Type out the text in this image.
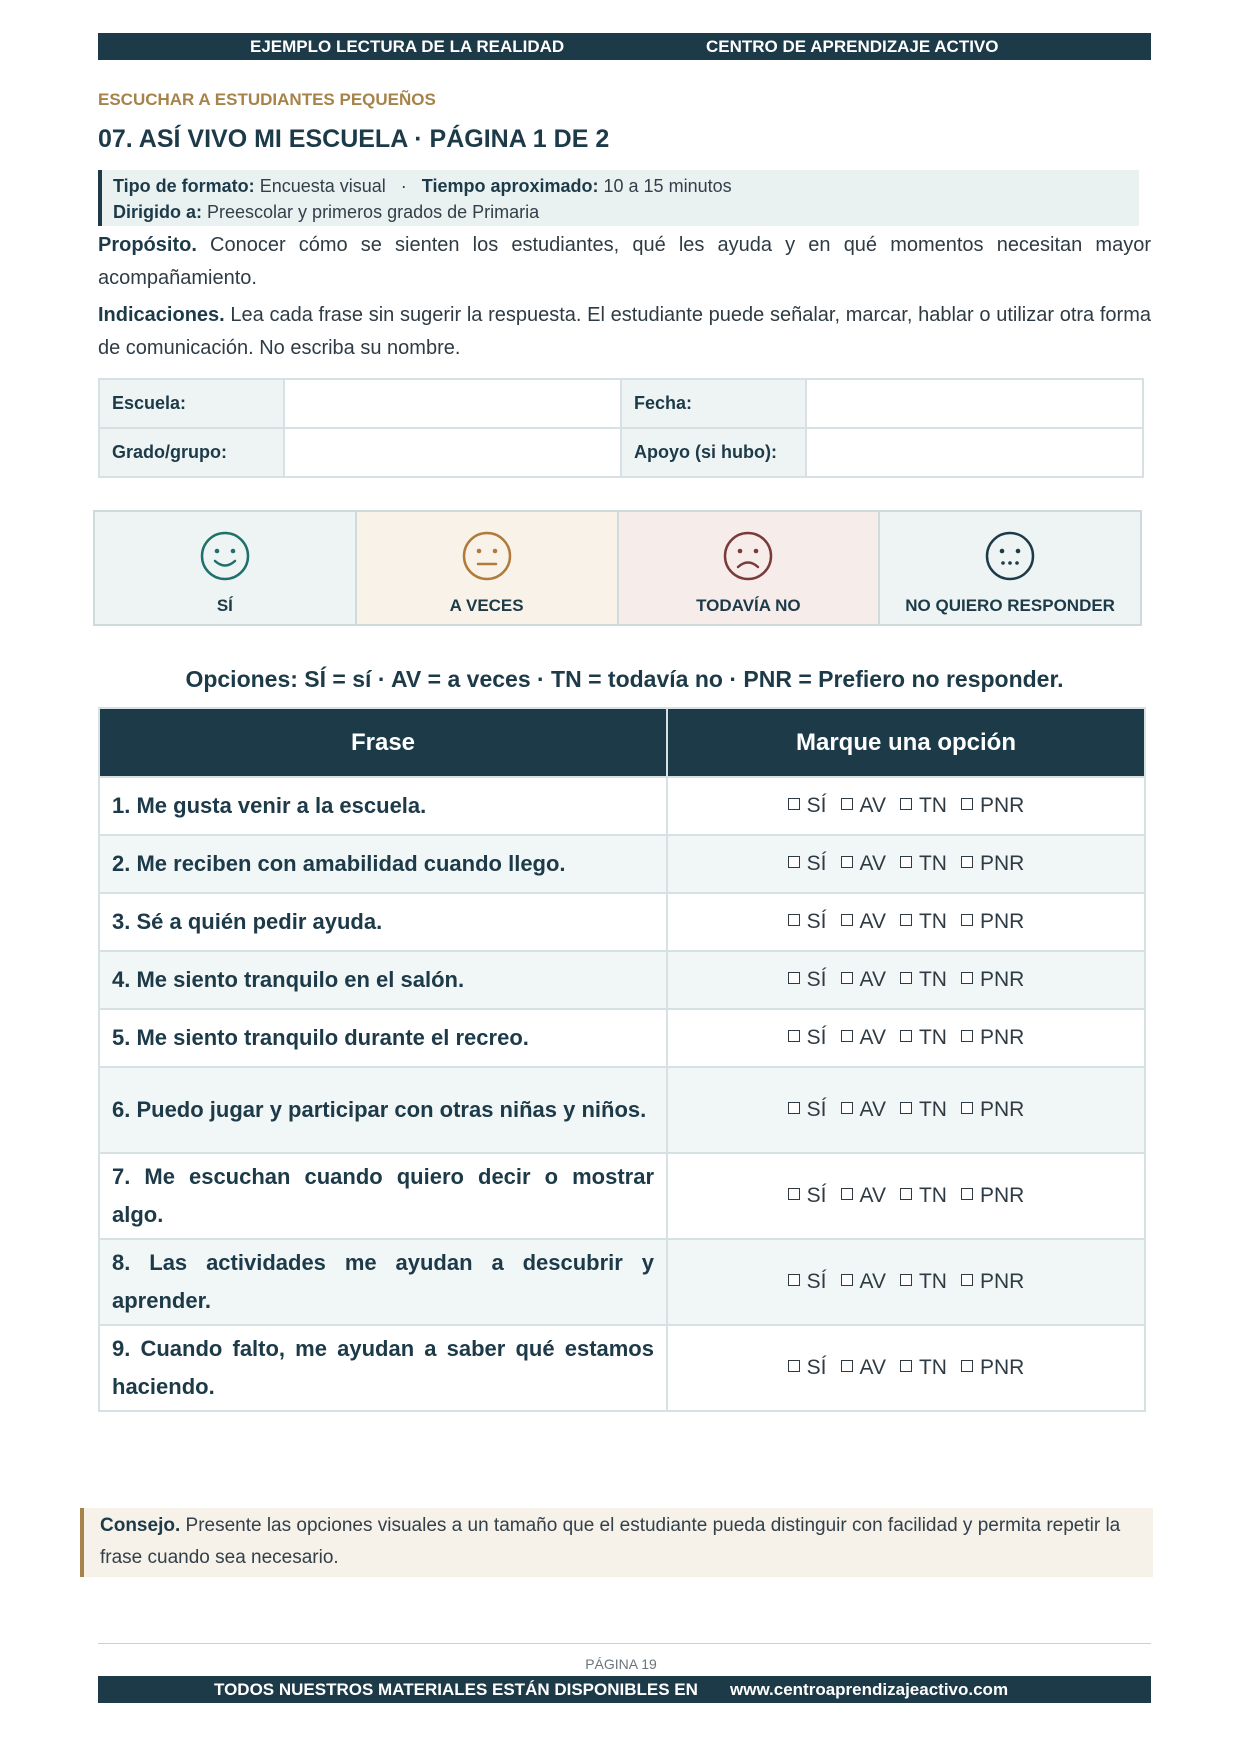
EJEMPLO LECTURA DE LA REALIDAD	CENTRO DE APRENDIZAJE ACTIVO
ESCUCHAR A ESTUDIANTES PEQUEÑOS
07. ASÍ VIVO MI ESCUELA · PÁGINA 1 DE 2
Tipo de formato: Encuesta visual · Tiempo aproximado: 10 a 15 minutos
Dirigido a: Preescolar y primeros grados de Primaria
Propósito. Conocer cómo se sienten los estudiantes, qué les ayuda y en qué momentos necesitan mayor acompañamiento.
Indicaciones. Lea cada frase sin sugerir la respuesta. El estudiante puede señalar, marcar, hablar o utilizar otra forma de comunicación. No escriba su nombre.
Escuela:		Fecha:	
Grado/grupo:		Apoyo (si hubo):	
SÍ	A VECES	TODAVÍA NO	NO QUIERO RESPONDER
Opciones: SÍ = sí · AV = a veces · TN = todavía no · PNR = Prefiero no responder.
Frase	Marque una opción
1. Me gusta venir a la escuela.	SÍ AV TN PNR
2. Me reciben con amabilidad cuando llego.	SÍ AV TN PNR
3. Sé a quién pedir ayuda.	SÍ AV TN PNR
4. Me siento tranquilo en el salón.	SÍ AV TN PNR
5. Me siento tranquilo durante el recreo.	SÍ AV TN PNR
6. Puedo jugar y participar con otras niñas y niños.	SÍ AV TN PNR
7. Me escuchan cuando quiero decir o mostrar algo.	SÍ AV TN PNR
8. Las actividades me ayudan a descubrir y aprender.	SÍ AV TN PNR
9. Cuando falto, me ayudan a saber qué estamos haciendo.	SÍ AV TN PNR
Consejo. Presente las opciones visuales a un tamaño que el estudiante pueda distinguir con facilidad y permita repetir la frase cuando sea necesario.
PÁGINA 19
TODOS NUESTROS MATERIALES ESTÁN DISPONIBLES EN www.centroaprendizajeactivo.com
